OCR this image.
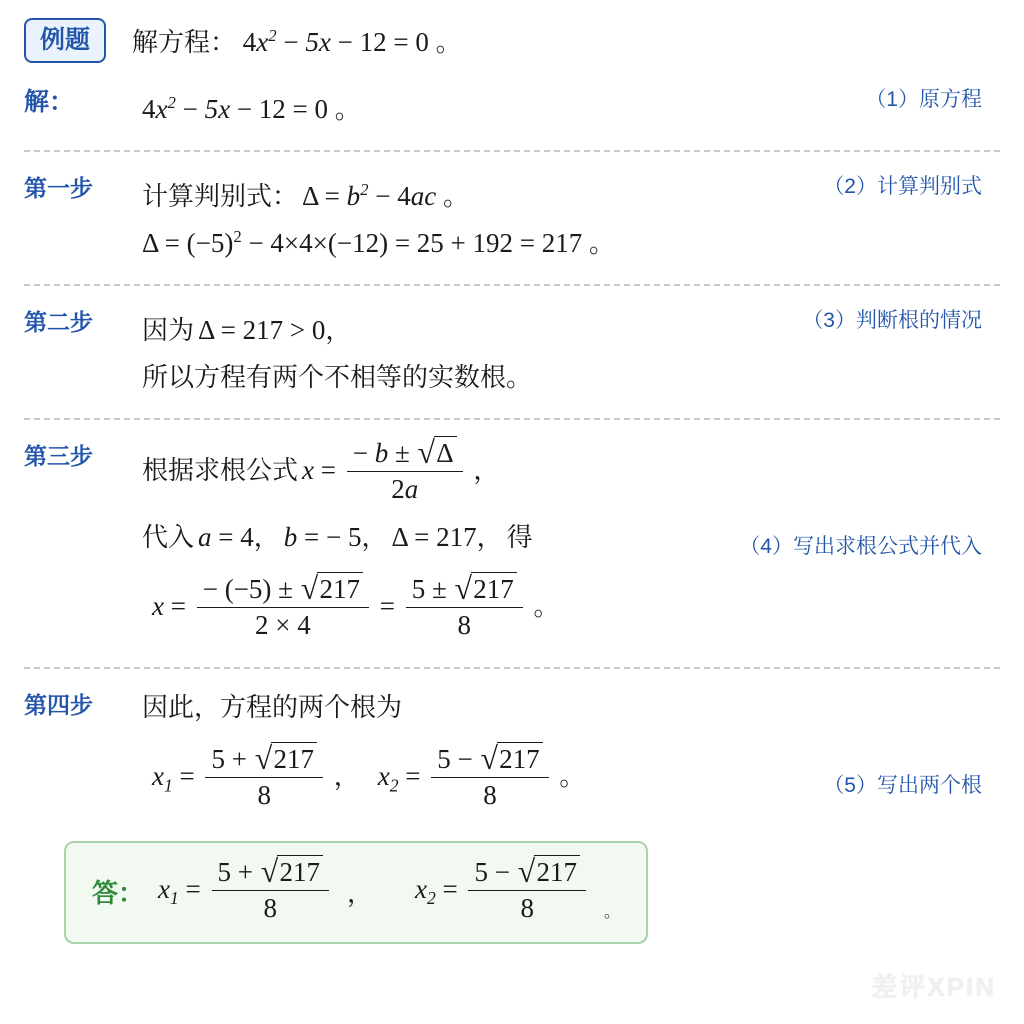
例题	解方程： $4x^2 - 5x - 12 = 0$ 。
解：	$4x^2 - 5x - 12 = 0$ 。	（1）原方程
第一步	计算判别式： $\Delta = b^2 - 4ac$ 。
$\Delta = (-5)^2 - 4\times 4\times(-12) = 25 + 192 = 217$ 。
（2）计算判别式
第二步	因为 Δ = 217 > 0，
所以方程有两个不相等的实数根。
（3）判断根的情况
第三步	根据求根公式 $x = \frac{- b \pm √ \Delta}{2a}$ ，
代入 a = 4， b = − 5， Δ = 217， 得
$x = \frac{- (-5) \pm √ 217}{2 \times 4} = \frac{5 \pm √ 217}{8}$ 。
（4）写出求根公式并代入
第四步	因此，方程的两个根为
$x_1 = \frac{5 + √ 217}{8}$ ， $x_2 = \frac{5 - √ 217}{8}$ 。	（5）写出两个根
答： $x_1 = \frac{5 + √ 217}{8}$ ， $x_2 = \frac{5 - √ 217}{8}$ 。
差评XPIN
